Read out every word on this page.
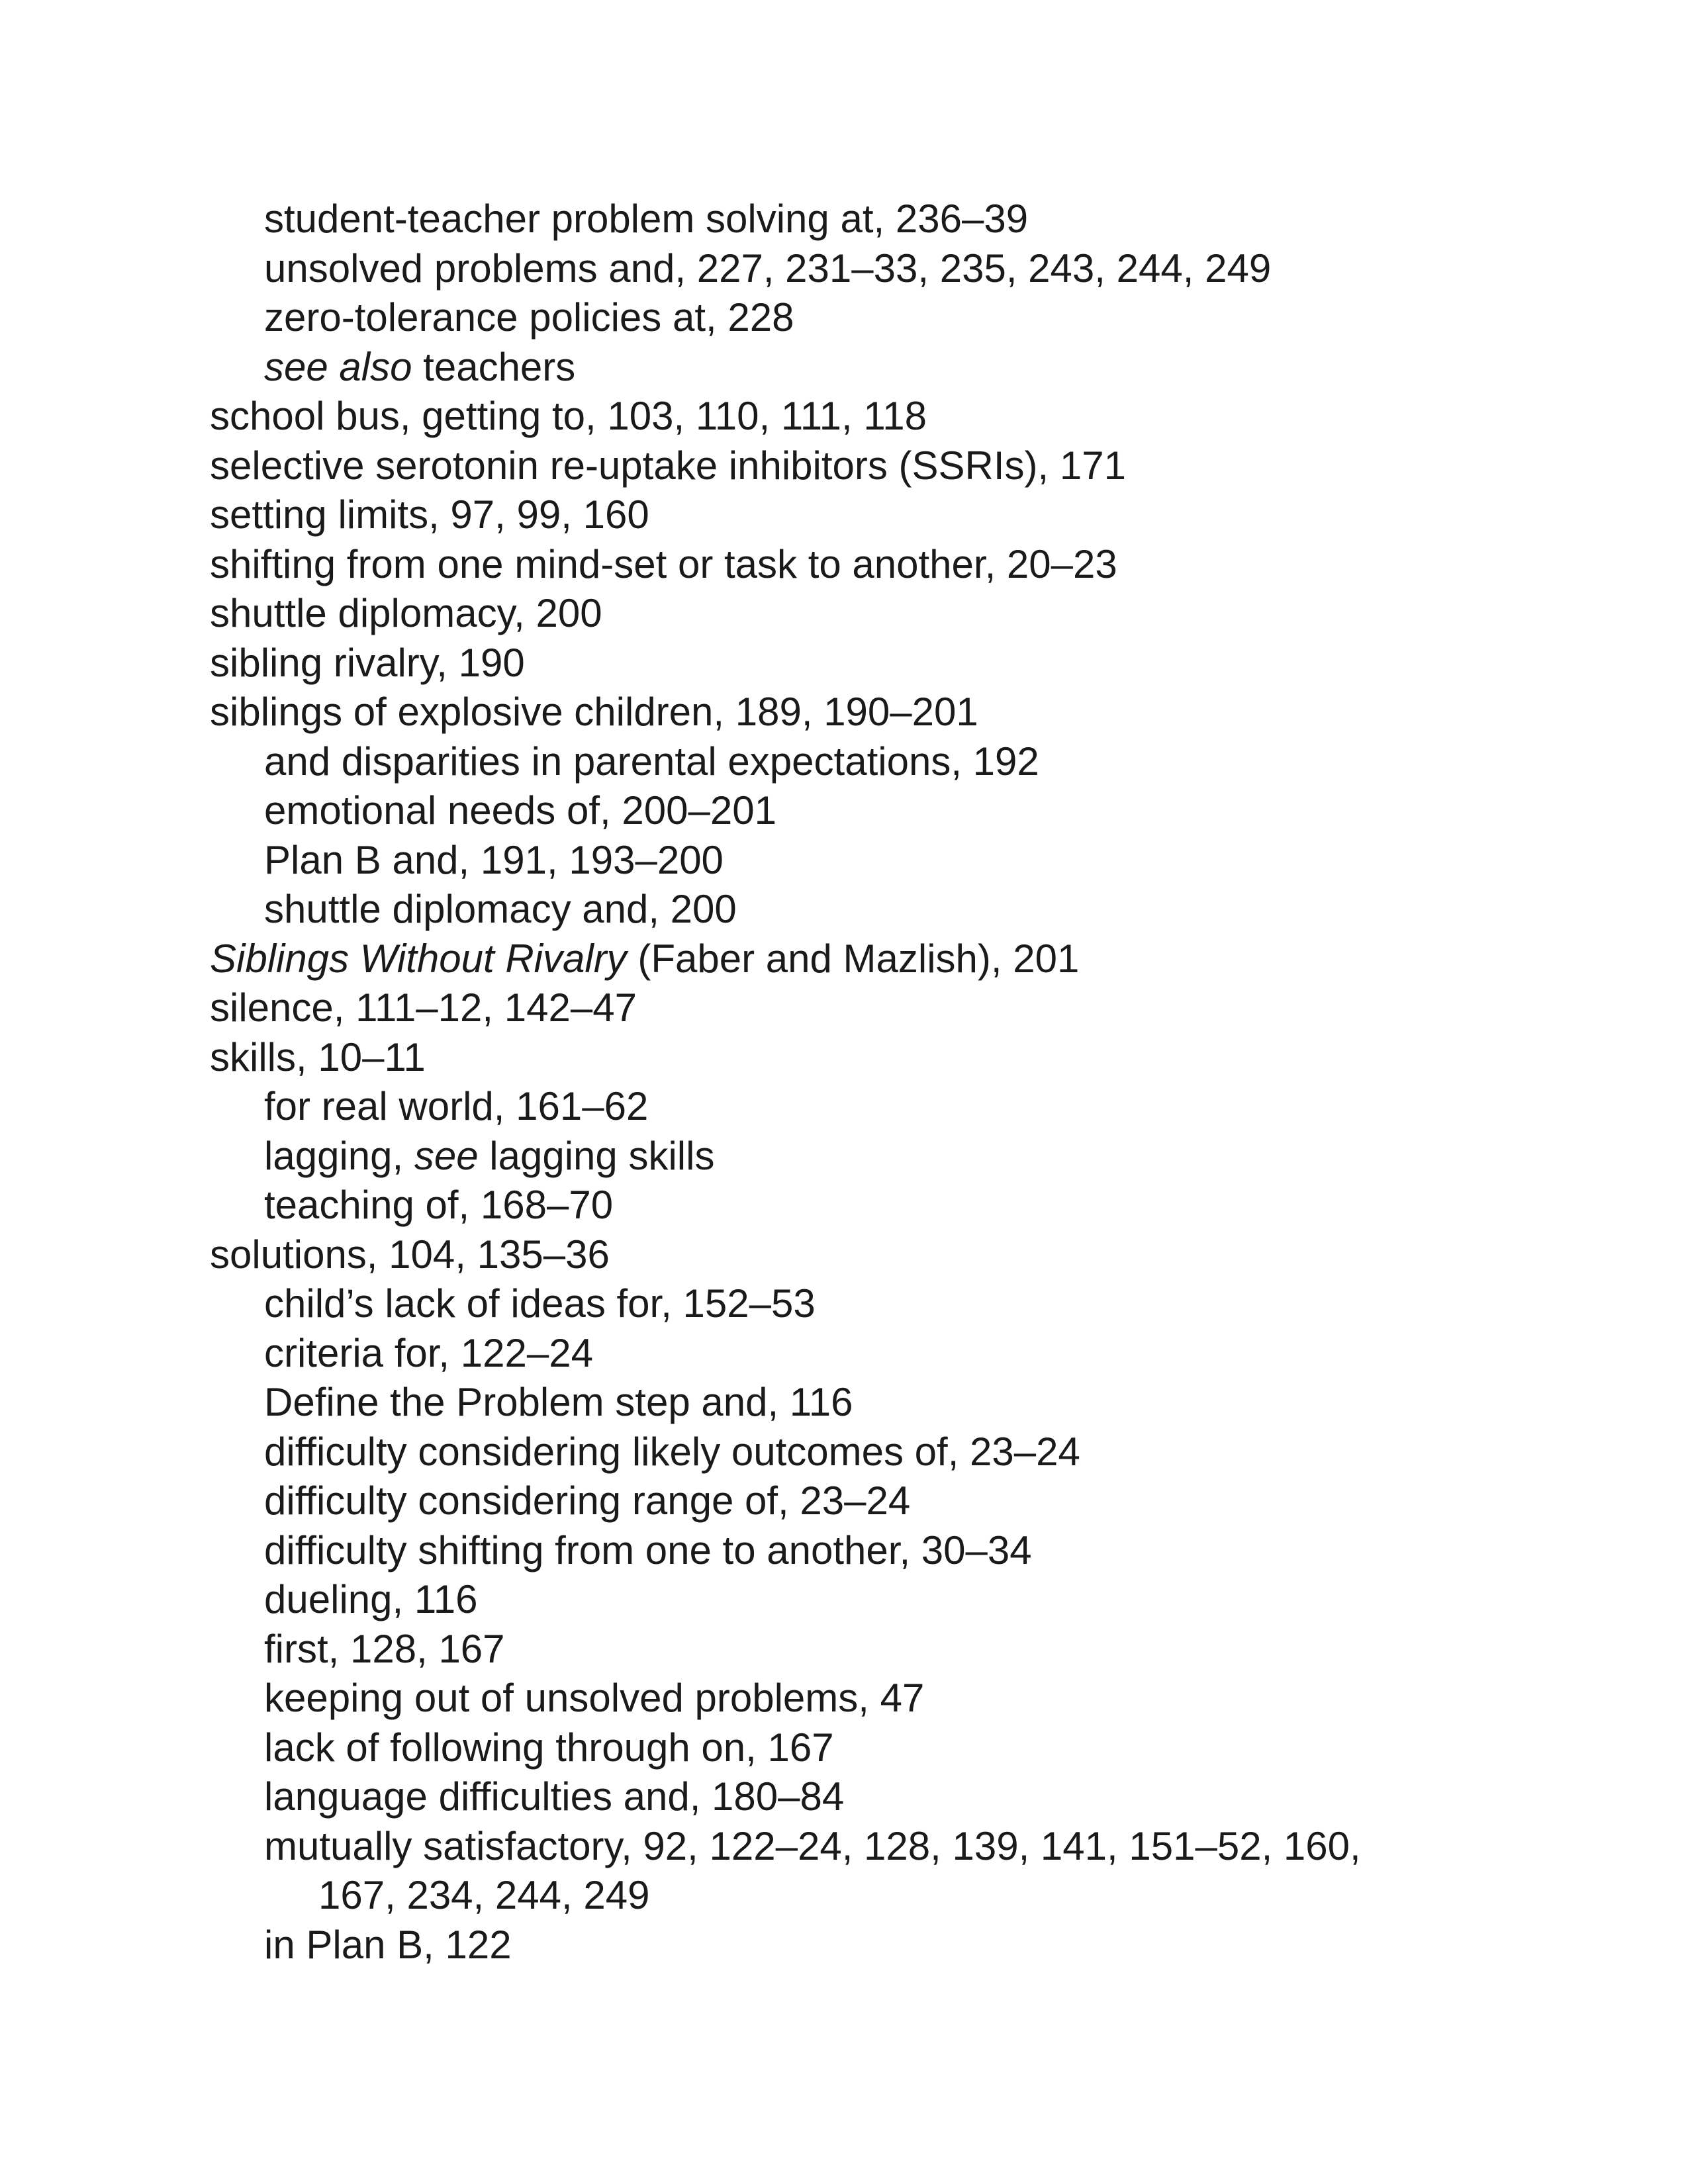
student-teacher problem solving at, 236–39
unsolved problems and, 227, 231–33, 235, 243, 244, 249
zero-tolerance policies at, 228
see also teachers
school bus, getting to, 103, 110, 111, 118
selective serotonin re-uptake inhibitors (SSRIs), 171
setting limits, 97, 99, 160
shifting from one mind-set or task to another, 20–23
shuttle diplomacy, 200
sibling rivalry, 190
siblings of explosive children, 189, 190–201
and disparities in parental expectations, 192
emotional needs of, 200–201
Plan B and, 191, 193–200
shuttle diplomacy and, 200
Siblings Without Rivalry (Faber and Mazlish), 201
silence, 111–12, 142–47
skills, 10–11
for real world, 161–62
lagging, see lagging skills
teaching of, 168–70
solutions, 104, 135–36
child’s lack of ideas for, 152–53
criteria for, 122–24
Define the Problem step and, 116
difficulty considering likely outcomes of, 23–24
difficulty considering range of, 23–24
difficulty shifting from one to another, 30–34
dueling, 116
first, 128, 167
keeping out of unsolved problems, 47
lack of following through on, 167
language difficulties and, 180–84
mutually satisfactory, 92, 122–24, 128, 139, 141, 151–52, 160,
167, 234, 244, 249
in Plan B, 122
